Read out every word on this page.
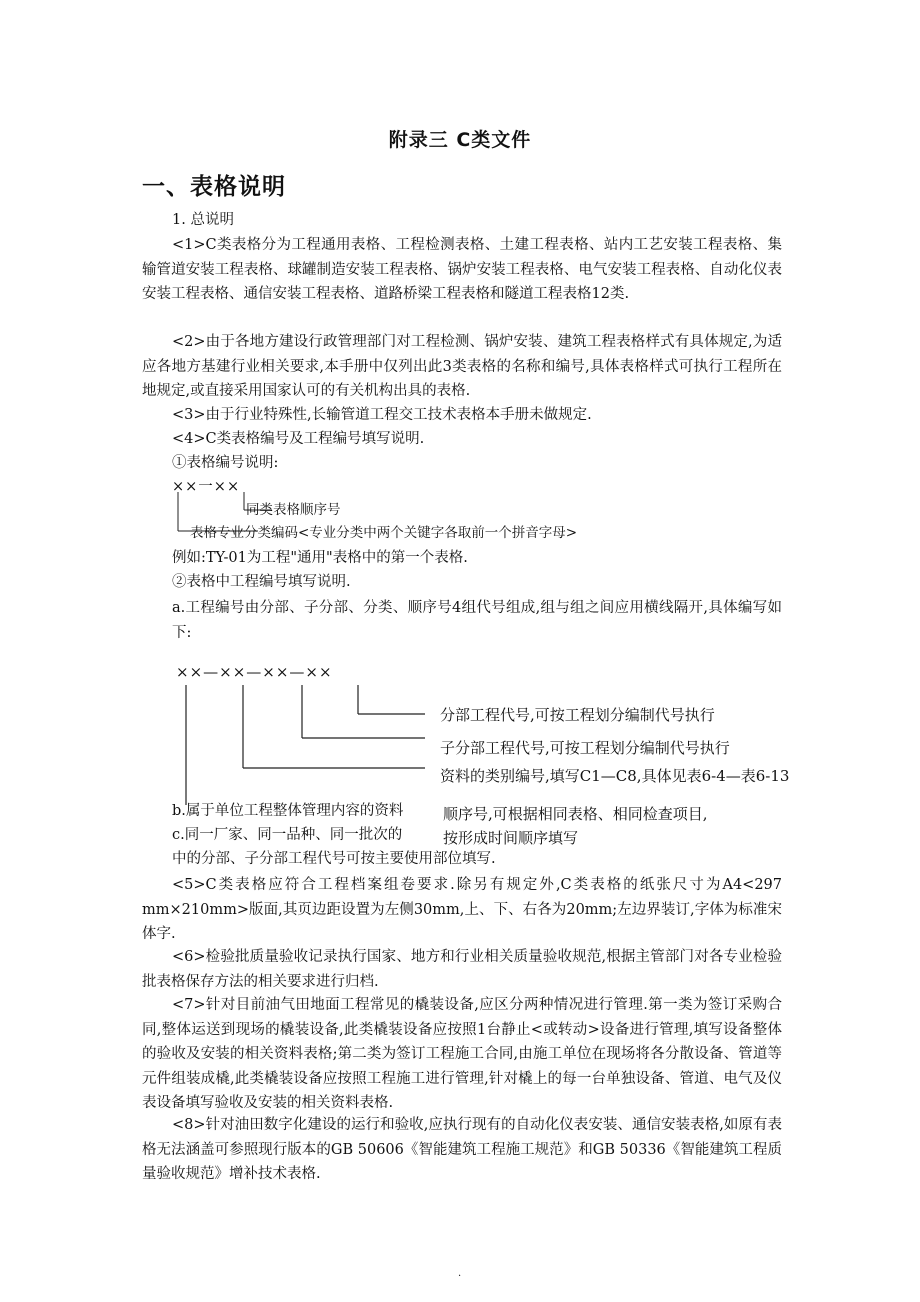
附录三 C类文件
一、表格说明
1. 总说明
<1>C类表格分为工程通用表格、工程检测表格、土建工程表格、站内工艺安装工程表格、集输管道安装工程表格、球罐制造安装工程表格、锅炉安装工程表格、电气安装工程表格、自动化仪表安装工程表格、通信安装工程表格、道路桥梁工程表格和隧道工程表格12类.
<2>由于各地方建设行政管理部门对工程检测、锅炉安装、建筑工程表格样式有具体规定,为适应各地方基建行业相关要求,本手册中仅列出此3类表格的名称和编号,具体表格样式可执行工程所在地规定,或直接采用国家认可的有关机构出具的表格.
<3>由于行业特殊性,长输管道工程交工技术表格本手册未做规定.
<4>C类表格编号及工程编号填写说明.
①表格编号说明:
××一××
同类表格顺序号
表格专业分类编码<专业分类中两个关键字各取前一个拼音字母>
例如:TY-01为工程"通用"表格中的第一个表格.
②表格中工程编号填写说明.
a.工程编号由分部、子分部、分类、顺序号4组代号组成,组与组之间应用横线隔开,具体编写如下:
××—××—××—××
分部工程代号,可按工程划分编制代号执行
子分部工程代号,可按工程划分编制代号执行
资料的类别编号,填写C1—C8,具体见表6-4—表6-13
顺序号,可根据相同表格、相同检查项目,
按形成时间顺序填写
b.属于单位工程整体管理内容的资料
c.同一厂家、同一品种、同一批次的
中的分部、子分部工程代号可按主要使用部位填写.
<5>C类表格应符合工程档案组卷要求.除另有规定外,C类表格的纸张尺寸为A4<297 mm×210mm>版面,其页边距设置为左侧30mm,上、下、右各为20mm;左边界装订,字体为标准宋体字.
<6>检验批质量验收记录执行国家、地方和行业相关质量验收规范,根据主管部门对各专业检验批表格保存方法的相关要求进行归档.
<7>针对目前油气田地面工程常见的橇装设备,应区分两种情况进行管理.第一类为签订采购合同,整体运送到现场的橇装设备,此类橇装设备应按照1台静止<或转动>设备进行管理,填写设备整体的验收及安装的相关资料表格;第二类为签订工程施工合同,由施工单位在现场将各分散设备、管道等元件组装成橇,此类橇装设备应按照工程施工进行管理,针对橇上的每一台单独设备、管道、电气及仪表设备填写验收及安装的相关资料表格.
<8>针对油田数字化建设的运行和验收,应执行现有的自动化仪表安装、通信安装表格,如原有表格无法涵盖可参照现行版本的GB 50606《智能建筑工程施工规范》和GB 50336《智能建筑工程质量验收规范》增补技术表格.
.
